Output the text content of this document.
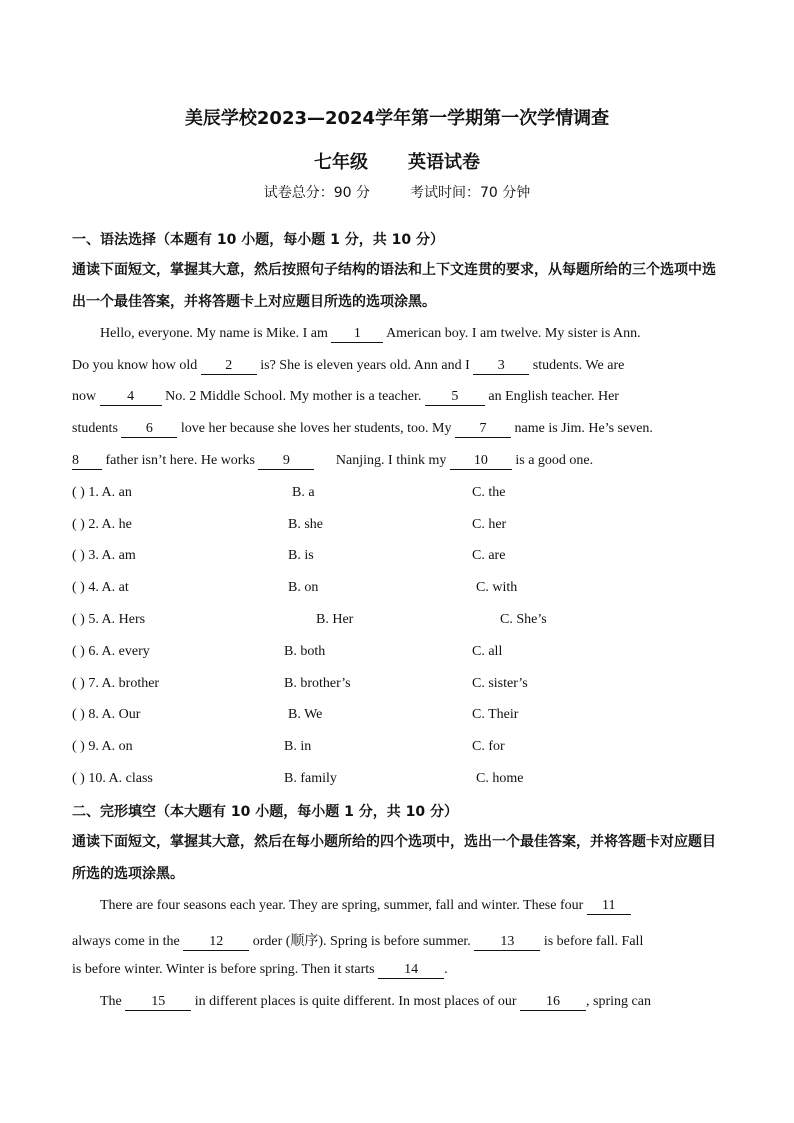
美辰学校2023—2024学年第一学期第一次学情调查
七年级 英语试卷
试卷总分：90 分	考试时间：70 分钟
一、语法选择（本题有 10 小题，每小题 1 分，共 10 分）
通读下面短文，掌握其大意，然后按照句子结构的语法和上下文连贯的要求，从每题所给的三个选项中选出一个最佳答案，并将答题卡上对应题目所选的选项涂黑。
Hello, everyone. My name is Mike. I am 1 American boy. I am twelve. My sister is Ann.
Do you know how old 2 is? She is eleven years old. Ann and I 3 students. We are
now 4 No. 2 Middle School. My mother is a teacher. 5 an English teacher. Her
students 6 love her because she loves her students, too. My 7 name is Jim. He’s seven.
8 father isn’t here. He works 9	Nanjing. I think my 10 is a good one.
( ) 1. A. an	B. a	C. the
( ) 2. A. he	B. she	C. her
( ) 3. A. am	B. is	C. are
( ) 4. A. at	B. on	C. with
( ) 5. A. Hers	B. Her	C. She’s
( ) 6. A. every	B. both	C. all
( ) 7. A. brother	B. brother’s	C. sister’s
( ) 8. A. Our	B. We	C. Their
( ) 9. A. on	B. in	C. for
( ) 10. A. class	B. family	C. home
二、完形填空（本大题有 10 小题，每小题 1 分，共 10 分）
通读下面短文，掌握其大意，然后在每小题所给的四个选项中，选出一个最佳答案，并将答题卡对应题目所选的选项涂黑。
There are four seasons each year. They are spring, summer, fall and winter. These four 11
always come in the 12 order (顺序). Spring is before summer. 13 is before fall. Fall
is before winter. Winter is before spring. Then it starts 14 .
The 15 in different places is quite different. In most places of our 16 , spring can
